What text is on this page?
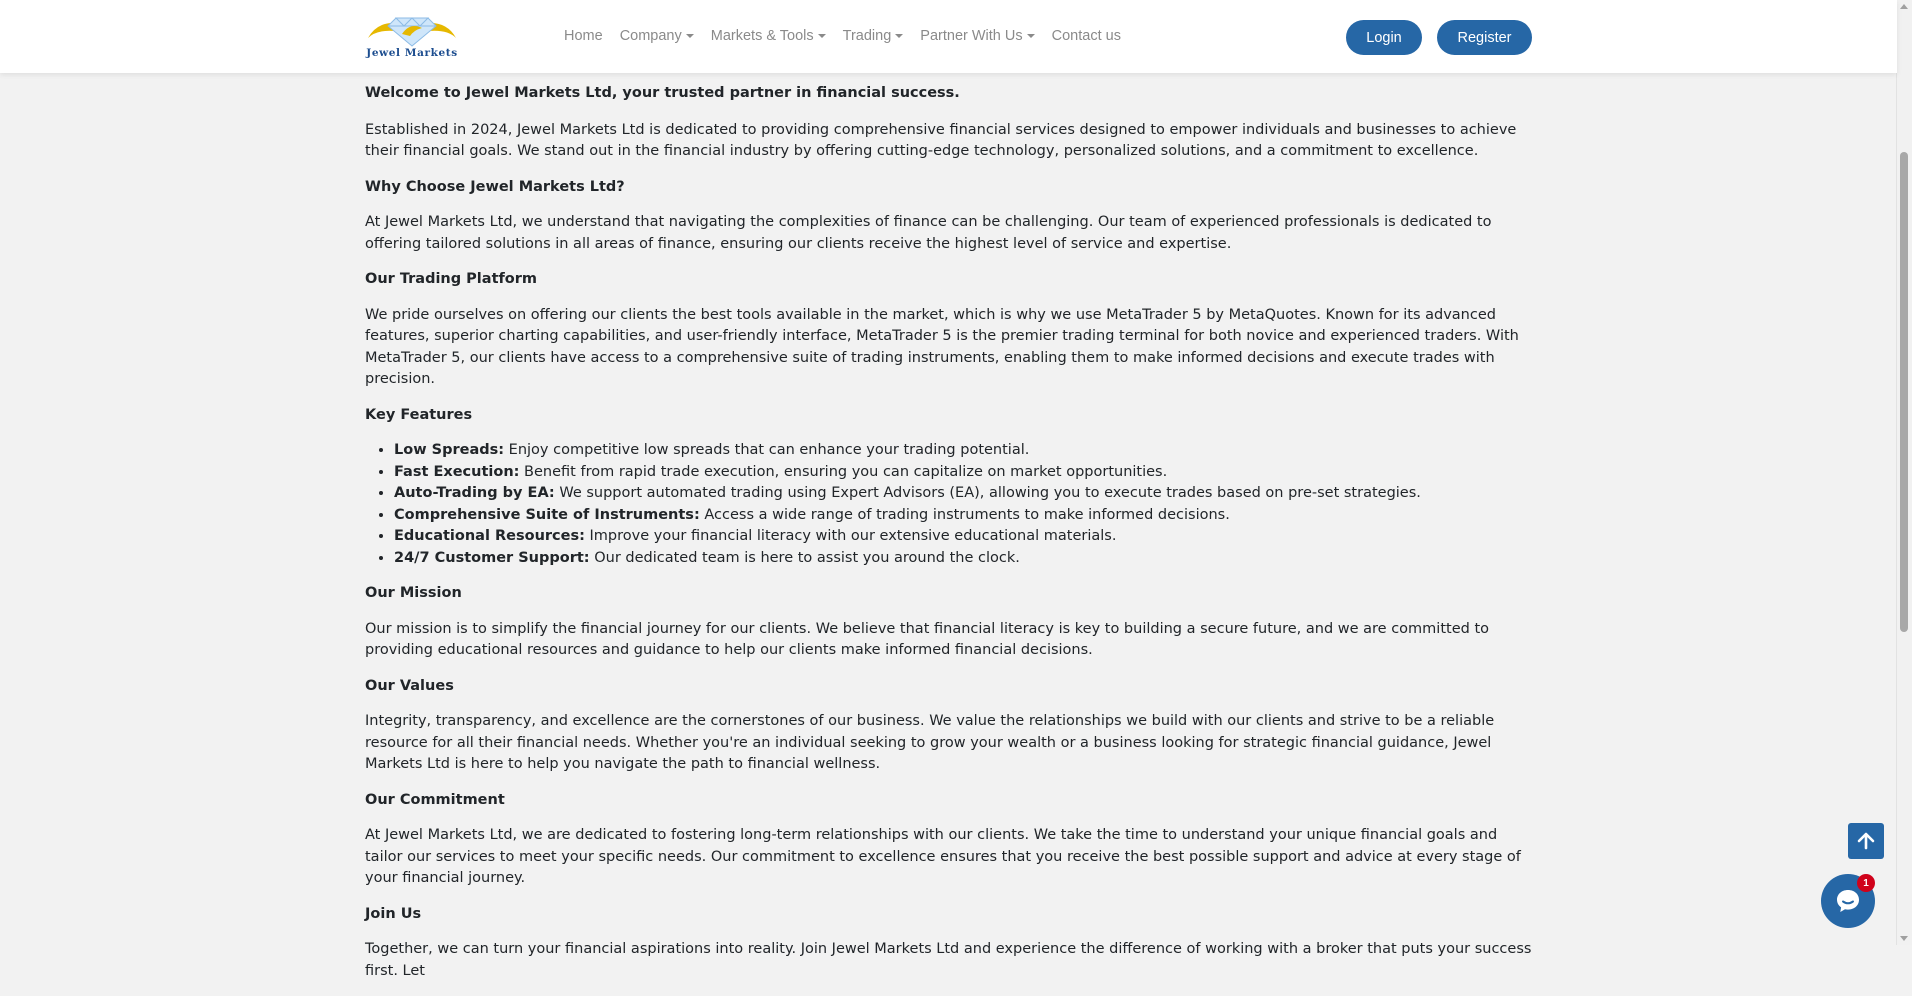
Jewel Markets
Home Company Markets & Tools Trading Partner With Us Contact us	Login	Register
Welcome to Jewel Markets Ltd, your trusted partner in financial success.

Established in 2024, Jewel Markets Ltd is dedicated to providing comprehensive financial services designed to empower individuals and businesses to achieve their financial goals. We stand out in the financial industry by offering cutting-edge technology, personalized solutions, and a commitment to excellence.

Why Choose Jewel Markets Ltd?

At Jewel Markets Ltd, we understand that navigating the complexities of finance can be challenging. Our team of experienced professionals is dedicated to offering tailored solutions in all areas of finance, ensuring our clients receive the highest level of service and expertise.

Our Trading Platform

We pride ourselves on offering our clients the best tools available in the market, which is why we use MetaTrader 5 by MetaQuotes. Known for its advanced features, superior charting capabilities, and user-friendly interface, MetaTrader 5 is the premier trading terminal for both novice and experienced traders. With MetaTrader 5, our clients have access to a comprehensive suite of trading instruments, enabling them to make informed decisions and execute trades with precision.

Key Features
• Low Spreads: Enjoy competitive low spreads that can enhance your trading potential.
• Fast Execution: Benefit from rapid trade execution, ensuring you can capitalize on market opportunities.
• Auto-Trading by EA: We support automated trading using Expert Advisors (EA), allowing you to execute trades based on pre-set strategies.
• Comprehensive Suite of Instruments: Access a wide range of trading instruments to make informed decisions.
• Educational Resources: Improve your financial literacy with our extensive educational materials.
• 24/7 Customer Support: Our dedicated team is here to assist you around the clock.
Our Mission

Our mission is to simplify the financial journey for our clients. We believe that financial literacy is key to building a secure future, and we are committed to providing educational resources and guidance to help our clients make informed financial decisions.

Our Values

Integrity, transparency, and excellence are the cornerstones of our business. We value the relationships we build with our clients and strive to be a reliable resource for all their financial needs. Whether you're an individual seeking to grow your wealth or a business looking for strategic financial guidance, Jewel Markets Ltd is here to help you navigate the path to financial wellness.

Our Commitment

At Jewel Markets Ltd, we are dedicated to fostering long-term relationships with our clients. We take the time to understand your unique financial goals and tailor our services to meet your specific needs. Our commitment to excellence ensures that you receive the best possible support and advice at every stage of your financial journey.

Join Us

Together, we can turn your financial aspirations into reality. Join Jewel Markets Ltd and experience the difference of working with a broker that puts your success first. Let

1
